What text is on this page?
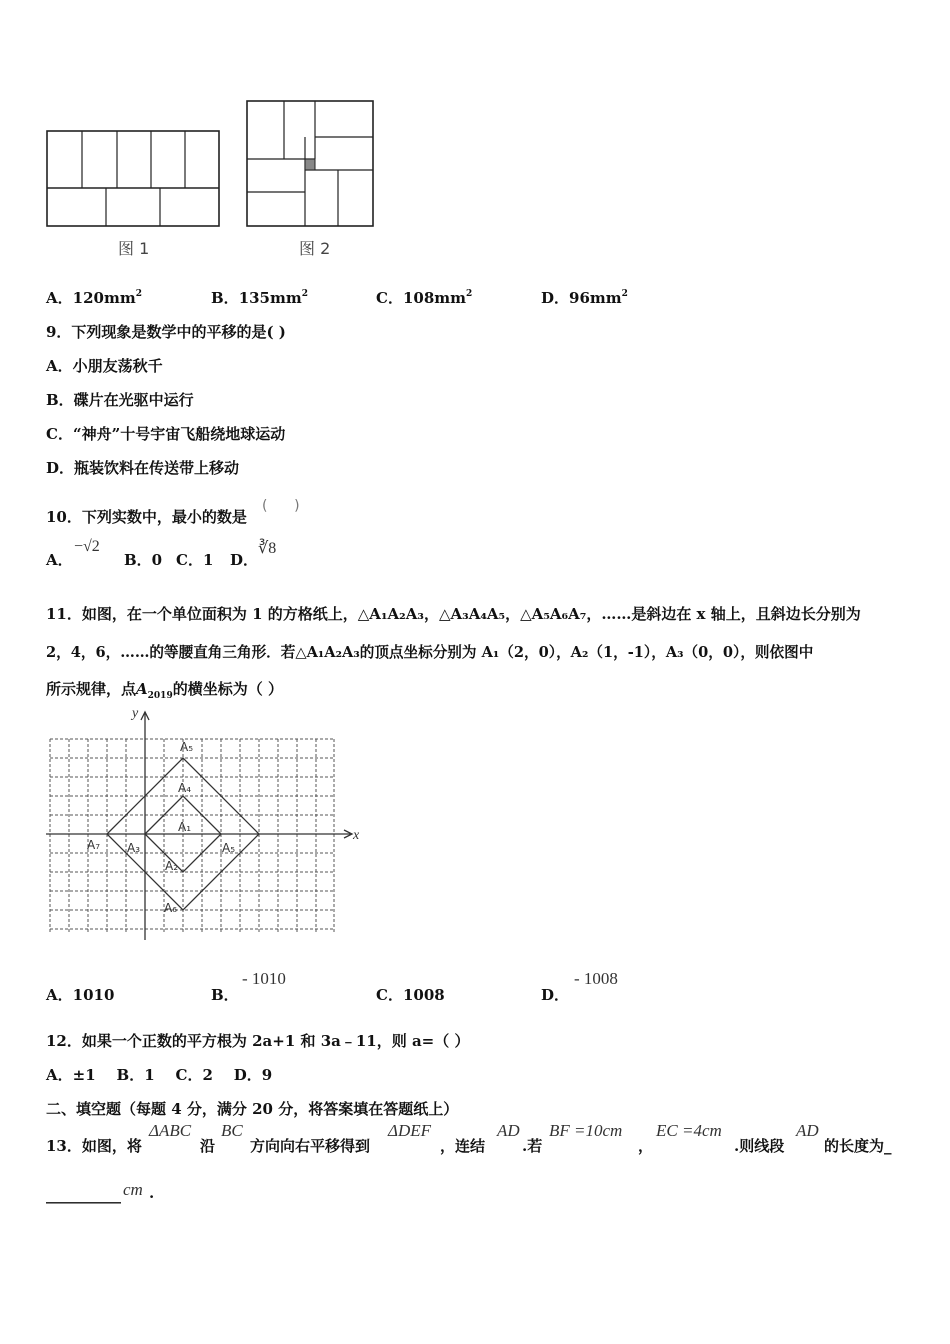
图 1	图 2
A．$120mm^2$	B．$135mm^2$	C．$108mm^2$	D．$96mm^2$
9．下列现象是数学中的平移的是( )
A．小朋友荡秋千
B．碟片在光驱中运行
C．“神舟”十号宇宙飞船绕地球运动
D．瓶装饮料在传送带上移动
10．下列实数中，最小的数是
(      )
A．
−√2
B．0 C．1 D．
∛8
11．如图，在一个单位面积为 1 的方格纸上，△A₁A₂A₃，△A₃A₄A₅，△A₅A₆A₇，……是斜边在 x 轴上，且斜边长分别为
2，4，6，……的等腰直角三角形．若△A₁A₂A₃的顶点坐标分别为 A₁（2，0），A₂（1，-1），A₃（0，0），则依图中
所示规律，点$A_{2019}$的横坐标为（ ）
y
x
A₅
A₄
A₁
A₇ A₃	A₅
A₂
A₆
A．1010	B．
- 1010
C．1008	D．
- 1008
12．如果一个正数的平方根为 2a+1 和 3a﹣11，则 a=（ ）
A．±1    B．1    C．2    D．9
二、填空题（每题 4 分，满分 20 分，将答案填在答题纸上）
13．如图，将
ΔABC
沿
BC
方向向右平移得到
ΔDEF
，连结
AD
.若
BF =10cm
，
EC =4cm
.则线段
AD
的长度为_
__________ cm .
